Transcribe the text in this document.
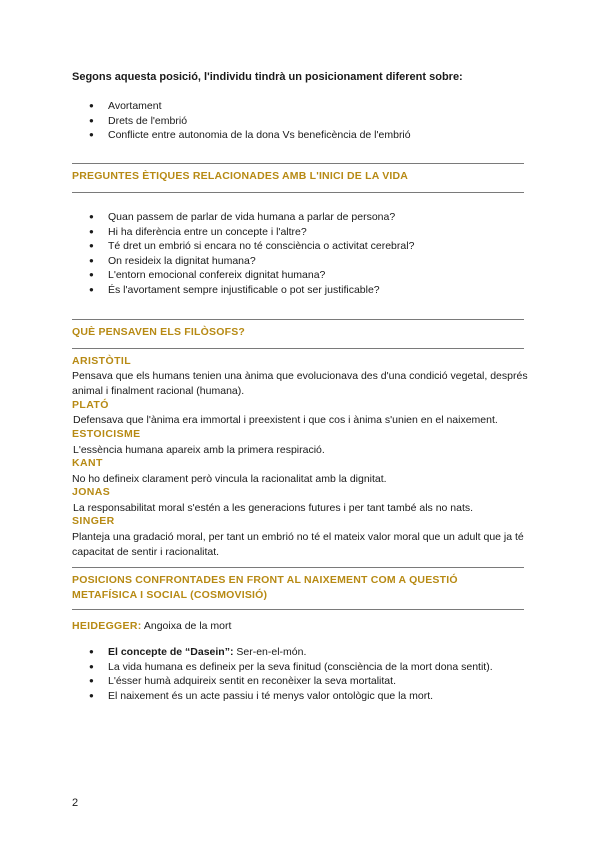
Segons aquesta posició, l'individu tindrà un posicionament diferent sobre:
● Avortament
● Drets de l'embrió
● Conflicte entre autonomia de la dona Vs beneficència de l'embrió
PREGUNTES ÈTIQUES RELACIONADES AMB L'INICI DE LA VIDA
● Quan passem de parlar de vida humana a parlar de persona?
● Hi ha diferència entre un concepte i l'altre?
● Té dret un embrió si encara no té consciència o activitat cerebral?
● On resideix la dignitat humana?
● L'entorn emocional confereix dignitat humana?
● És l'avortament sempre injustificable o pot ser justificable?
QUÈ PENSAVEN ELS FILÒSOFS?
ARISTÒTIL
Pensava que els humans tenien una ànima que evolucionava des d'una condició vegetal, després animal i finalment racional (humana).
PLATÓ
Defensava que l'ànima era immortal i preexistent i que cos i ànima s'unien en el naixement.
ESTOICISME
L'essència humana apareix amb la primera respiració.
KANT
No ho defineix clarament però vincula la racionalitat amb la dignitat.
JONAS
La responsabilitat moral s'estén a les generacions futures i per tant també als no nats.
SINGER
Planteja una gradació moral, per tant un embrió no té el mateix valor moral que un adult que ja té capacitat de sentir i racionalitat.
POSICIONS CONFRONTADES EN FRONT AL NAIXEMENT COM A QUESTIÓ
METAFÍSICA I SOCIAL (COSMOVISIÓ)
HEIDEGGER: Angoixa de la mort
● El concepte de “Dasein”: Ser-en-el-món.
● La vida humana es defineix per la seva finitud (consciència de la mort dona sentit).
● L'ésser humà adquireix sentit en reconèixer la seva mortalitat.
● El naixement és un acte passiu i té menys valor ontològic que la mort.
2
